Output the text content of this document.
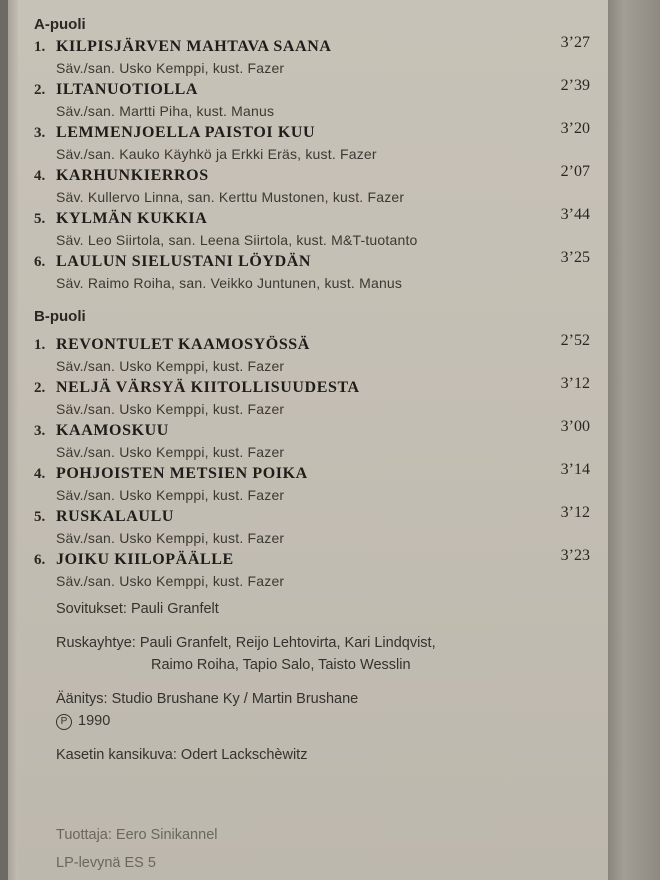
A-puoli
1. KILPISJÄRVEN MAHTAVA SAANA	3’27
Säv./san. Usko Kemppi, kust. Fazer
2. ILTANUOTIOLLA	2’39
Säv./san. Martti Piha, kust. Manus
3. LEMMENJOELLA PAISTOI KUU	3’20
Säv./san. Kauko Käyhkö ja Erkki Eräs, kust. Fazer
4. KARHUNKIERROS	2’07
Säv. Kullervo Linna, san. Kerttu Mustonen, kust. Fazer
5. KYLMÄN KUKKIA	3’44
Säv. Leo Siirtola, san. Leena Siirtola, kust. M&T-tuotanto
6. LAULUN SIELUSTANI LÖYDÄN	3’25
Säv. Raimo Roiha, san. Veikko Juntunen, kust. Manus
B-puoli
1. REVONTULET KAAMOSYÖSSÄ	2’52
Säv./san. Usko Kemppi, kust. Fazer
2. NELJÄ VÄRSYÄ KIITOLLISUUDESTA	3’12
Säv./san. Usko Kemppi, kust. Fazer
3. KAAMOSKUU	3’00
Säv./san. Usko Kemppi, kust. Fazer
4. POHJOISTEN METSIEN POIKA	3’14
Säv./san. Usko Kemppi, kust. Fazer
5. RUSKALAULU	3’12
Säv./san. Usko Kemppi, kust. Fazer
6. JOIKU KIILOPÄÄLLE	3’23
Säv./san. Usko Kemppi, kust. Fazer
Sovitukset: Pauli Granfelt
Ruskayhtye: Pauli Granfelt, Reijo Lehtovirta, Kari Lindqvist,
Raimo Roiha, Tapio Salo, Taisto Wesslin
Äänitys: Studio Brushane Ky / Martin Brushane
P 1990
Kasetin kansikuva: Odert Lackschèwitz
Tuottaja: Eero Sinikannel
LP-levynä ES 5
